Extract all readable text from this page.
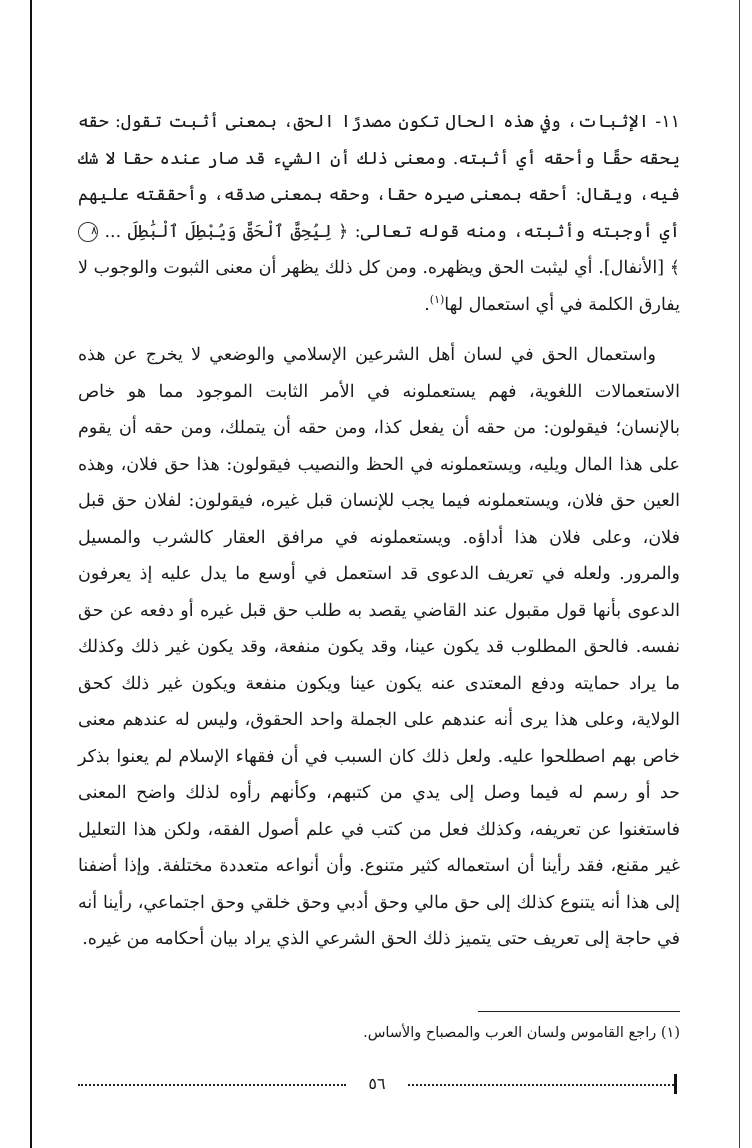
١١- الإثبات، وفي هذه الحال تكون مصدرًا الحق، بمعنى أثبت تقول: حقه يحقه حقًا وأحقه أي أثبته. ومعنى ذلك أن الشيء قد صار عنده حقا لا شك فيه، ويقال: أحقه بمعنى صيره حقا، وحقه بمعنى صدقه، وأحققته عليهم أي أوجبته وأثبته، ومنه قوله تعالى: ﴿ لِيُحِقَّ ٱلْحَقَّ وَيُبْطِلَ ٱلْبَٰطِلَ ... ٨ ﴾ [الأنفال]. أي ليثبت الحق ويظهره. ومن كل ذلك يظهر أن معنى الثبوت والوجوب لا يفارق الكلمة في أي استعمال لها$^{(١)}$.

واستعمال الحق في لسان أهل الشرعين الإسلامي والوضعي لا يخرج عن هذه الاستعمالات اللغوية، فهم يستعملونه في الأمر الثابت الموجود مما هو خاص بالإنسان؛ فيقولون: من حقه أن يفعل كذا، ومن حقه أن يتملك، ومن حقه أن يقوم على هذا المال ويليه، ويستعملونه في الحظ والنصيب فيقولون: هذا حق فلان، وهذه العين حق فلان، ويستعملونه فيما يجب للإنسان قبل غيره، فيقولون: لفلان حق قبل فلان، وعلى فلان هذا أداؤه. ويستعملونه في مرافق العقار كالشرب والمسيل والمرور. ولعله في تعريف الدعوى قد استعمل في أوسع ما يدل عليه إذ يعرفون الدعوى بأنها قول مقبول عند القاضي يقصد به طلب حق قبل غيره أو دفعه عن حق نفسه. فالحق المطلوب قد يكون عينا، وقد يكون منفعة، وقد يكون غير ذلك وكذلك ما يراد حمايته ودفع المعتدى عنه يكون عينا ويكون منفعة ويكون غير ذلك كحق الولاية، وعلى هذا يرى أنه عندهم على الجملة واحد الحقوق، وليس له عندهم معنى خاص بهم اصطلحوا عليه. ولعل ذلك كان السبب في أن فقهاء الإسلام لم يعنوا بذكر حد أو رسم له فيما وصل إلى يدي من كتبهم، وكأنهم رأوه لذلك واضح المعنى فاستغنوا عن تعريفه، وكذلك فعل من كتب في علم أصول الفقه، ولكن هذا التعليل غير مقنع، فقد رأينا أن استعماله كثير متنوع. وأن أنواعه متعددة مختلفة. وإذا أضفنا إلى هذا أنه يتنوع كذلك إلى حق مالي وحق أدبي وحق خلقي وحق اجتماعي، رأينا أنه في حاجة إلى تعريف حتى يتميز ذلك الحق الشرعي الذي يراد بيان أحكامه من غيره.

(١) راجع القاموس ولسان العرب والمصباح والأساس.
٥٦
